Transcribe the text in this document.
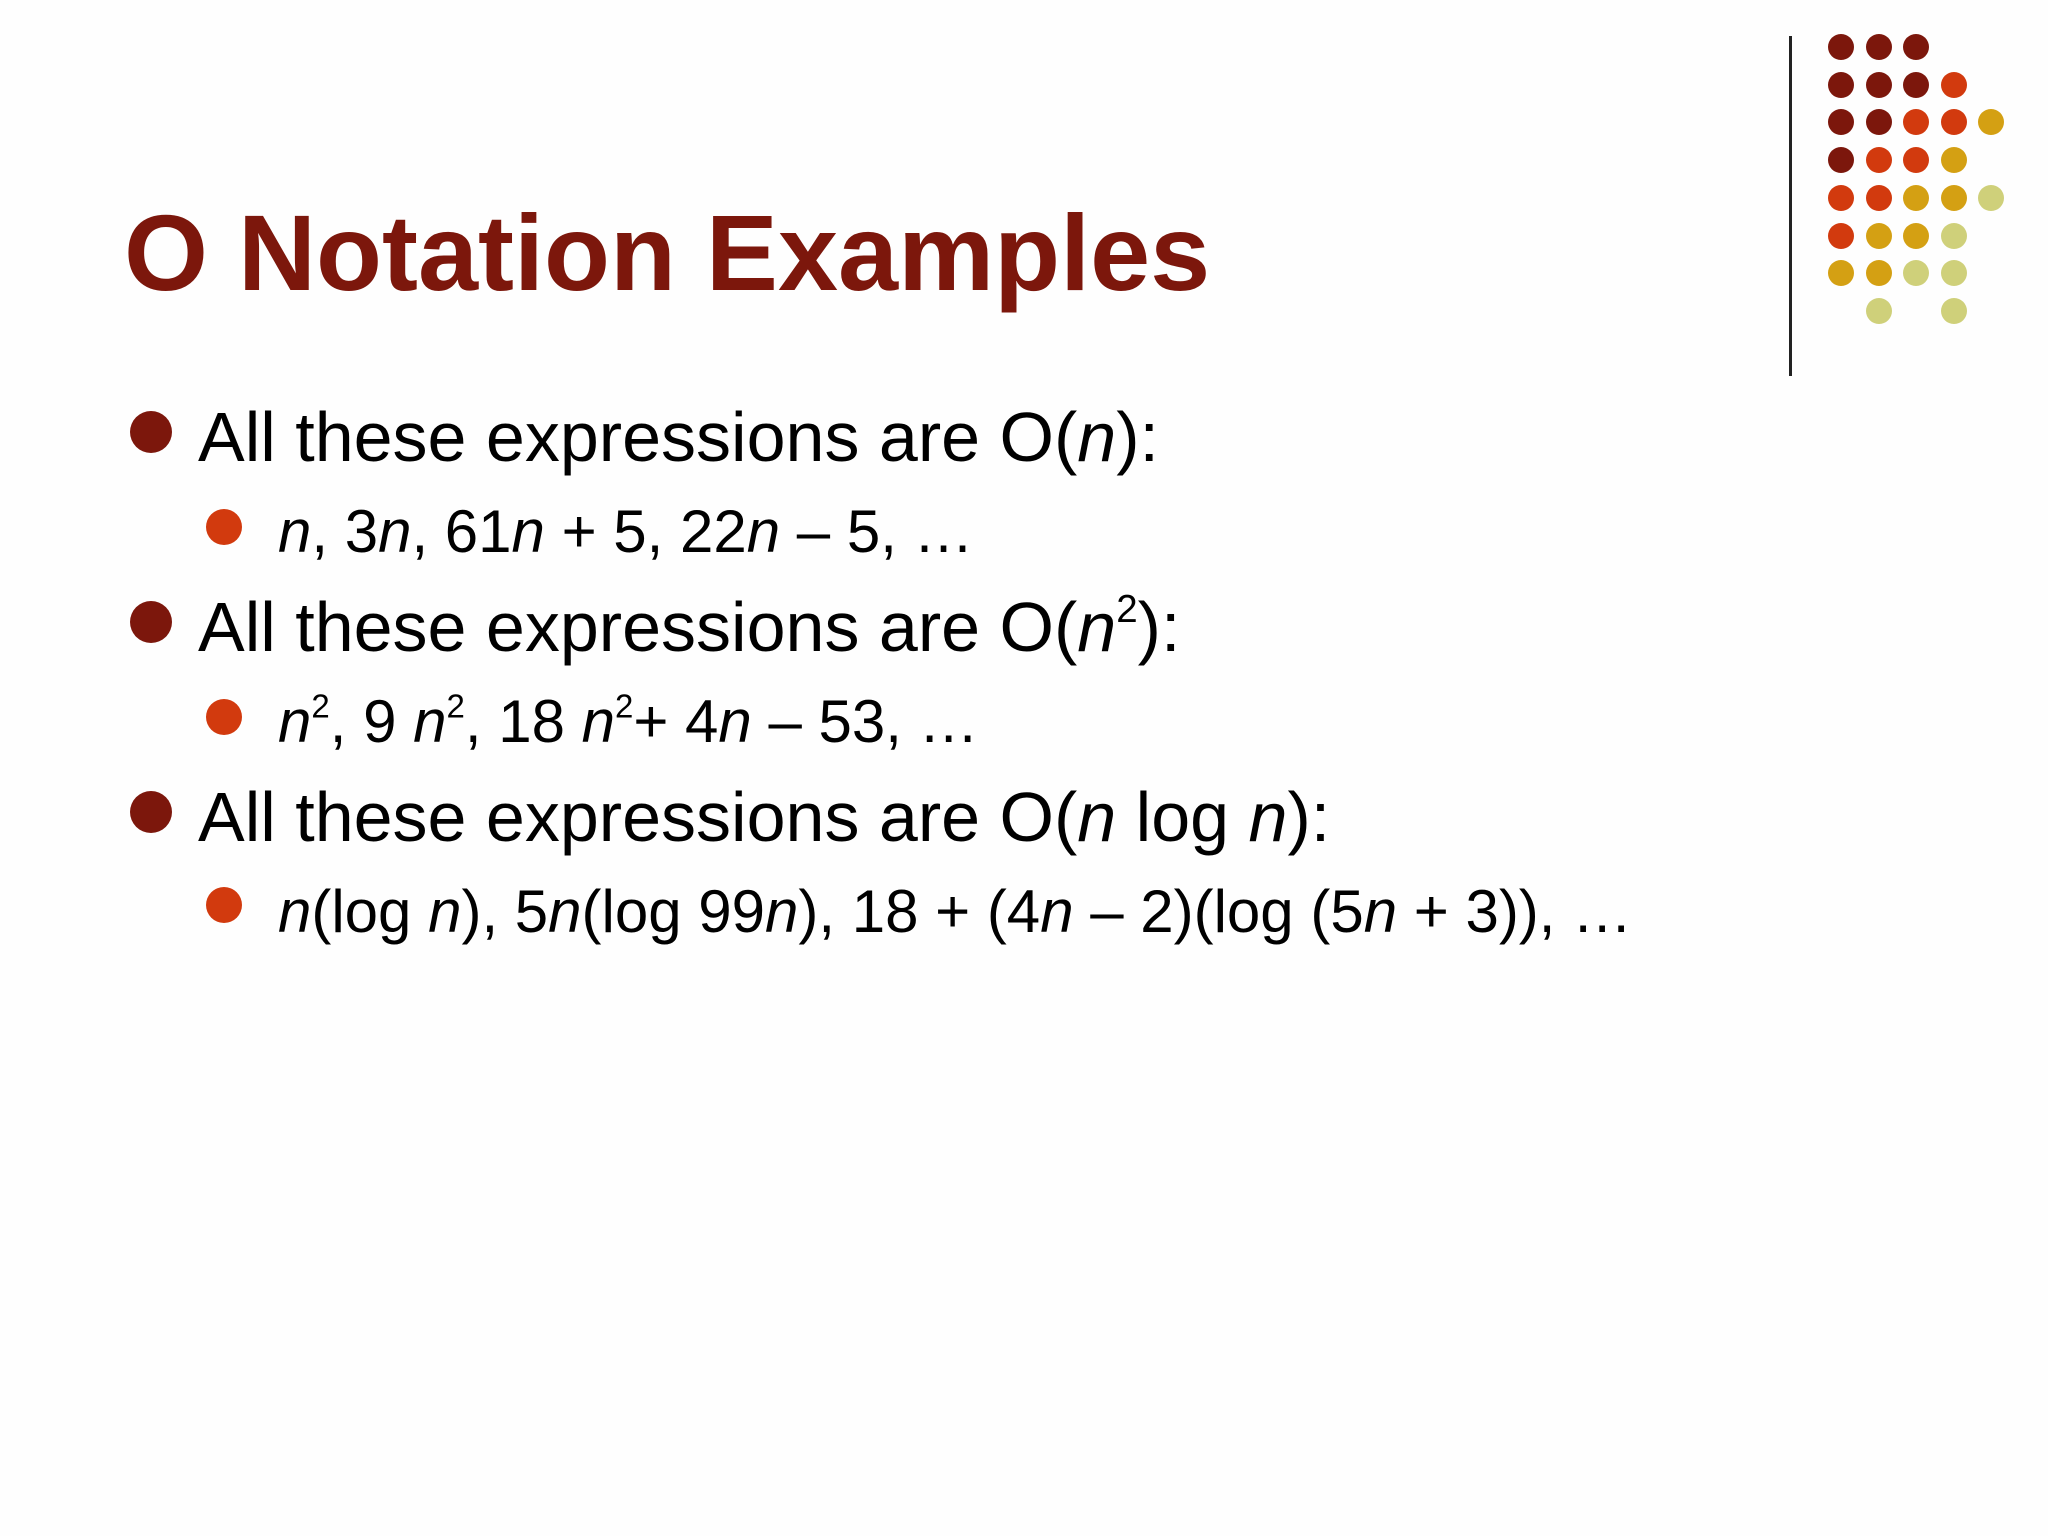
O Notation Examples
All these expressions are O(n):
n, 3n, 61n + 5, 22n – 5, …
All these expressions are $O(n^2)$:
$n^2$, 9 $n^2$, 18 $n^2+ 4n - 53$, …
All these expressions are O(n log n):
n(log n), 5n(log 99n), 18 + (4n – 2)(log (5n + 3)), …
